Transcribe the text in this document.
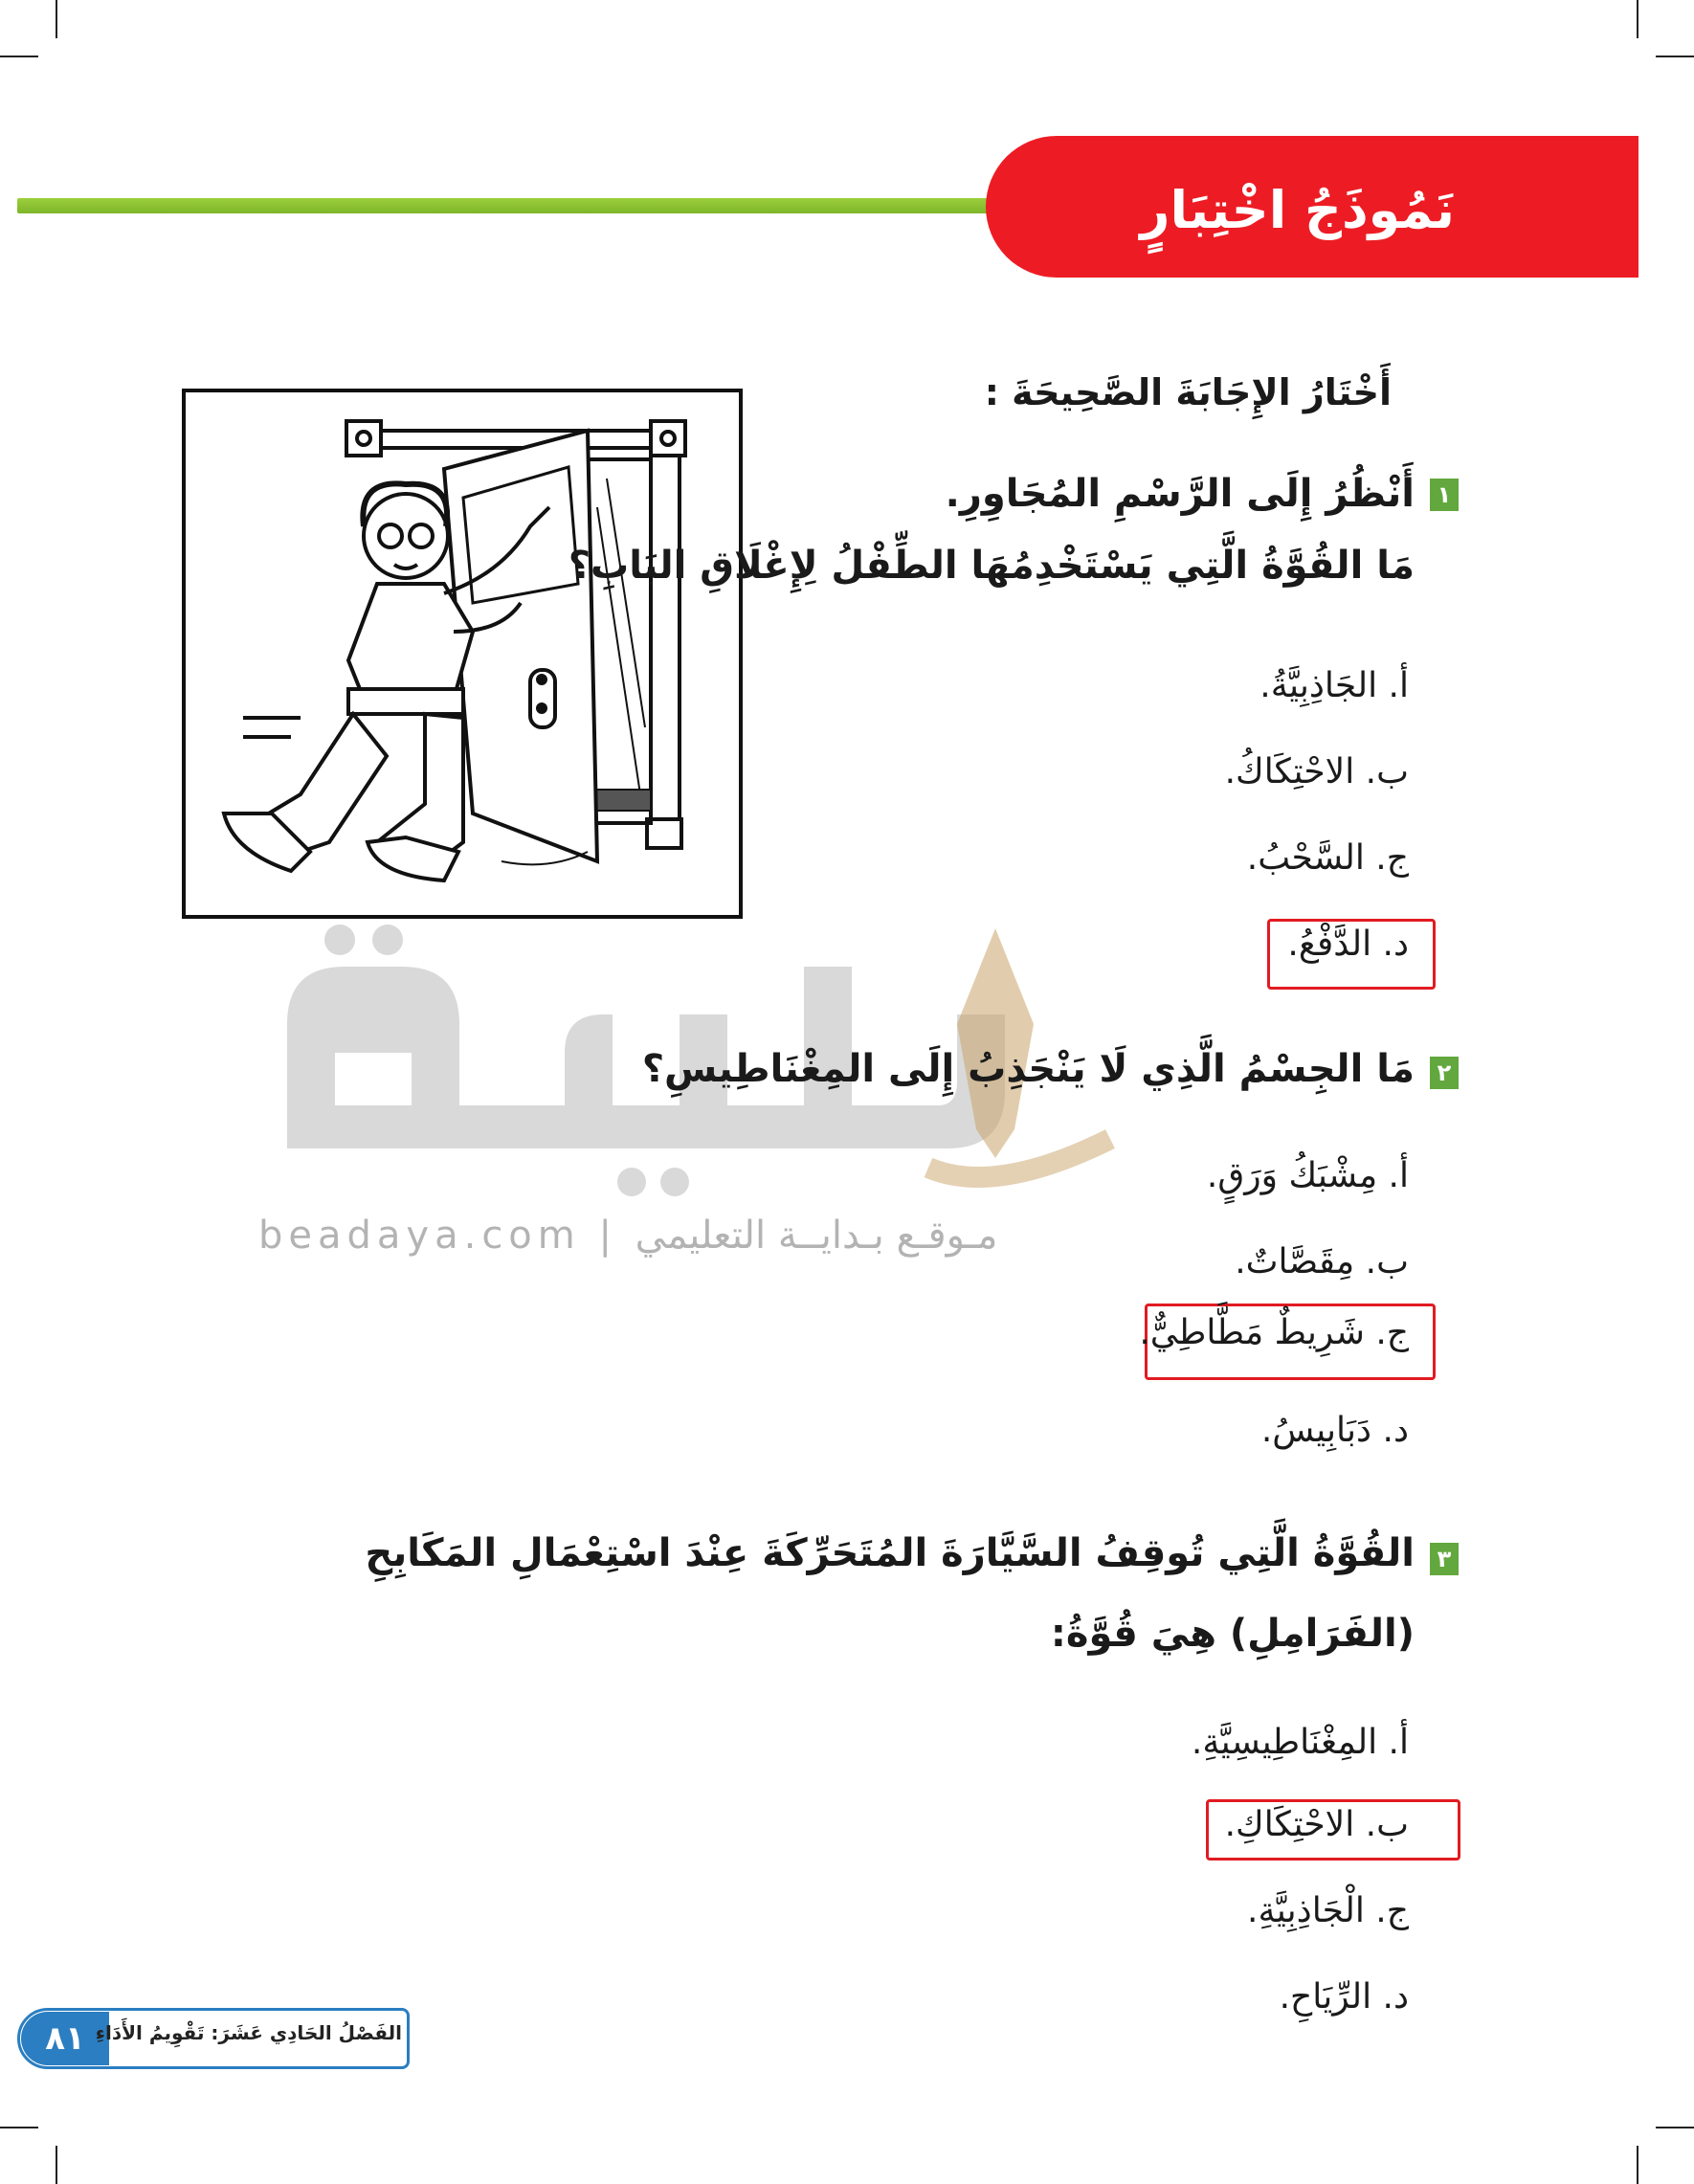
نَمُوذَجُ اخْتِبَارٍ
beadaya.com | مـوقـع بـدايــة التعليمي
أَخْتَارُ الإِجَابَةَ الصَّحِيحَةَ :
١
أَنْظُرُ إِلَى الرَّسْمِ المُجَاوِرِ.
مَا القُوَّةُ الَّتِي يَسْتَخْدِمُهَا الطِّفْلُ لِإِغْلَاقِ البَابِ؟
أ. الجَاذِبِيَّةُ.
ب. الاحْتِكَاكُ.
ج. السَّحْبُ.
د. الدَّفْعُ.
٢
مَا الجِسْمُ الَّذِي لَا يَنْجَذِبُ إِلَى المِغْنَاطِيسِ؟
أ. مِشْبَكُ وَرَقٍ.
ب. مِقَصَّاتٌ.
ج. شَرِيطٌ مَطَّاطِيٌّ.
د. دَبَابِيسُ.
٣
القُوَّةُ الَّتِي تُوقِفُ السَّيَّارَةَ المُتَحَرِّكَةَ عِنْدَ اسْتِعْمَالِ المَكَابِحِ
(الفَرَامِلِ) هِيَ قُوَّةُ:
أ. المِغْنَاطِيسِيَّةِ.
ب. الاحْتِكَاكِ.
ج. الْجَاذِبِيَّةِ.
د. الرِّيَاحِ.
٨١ الفَصْلُ الحَادِي عَشَرَ: تَقْوِيمُ الأَدَاءِ
